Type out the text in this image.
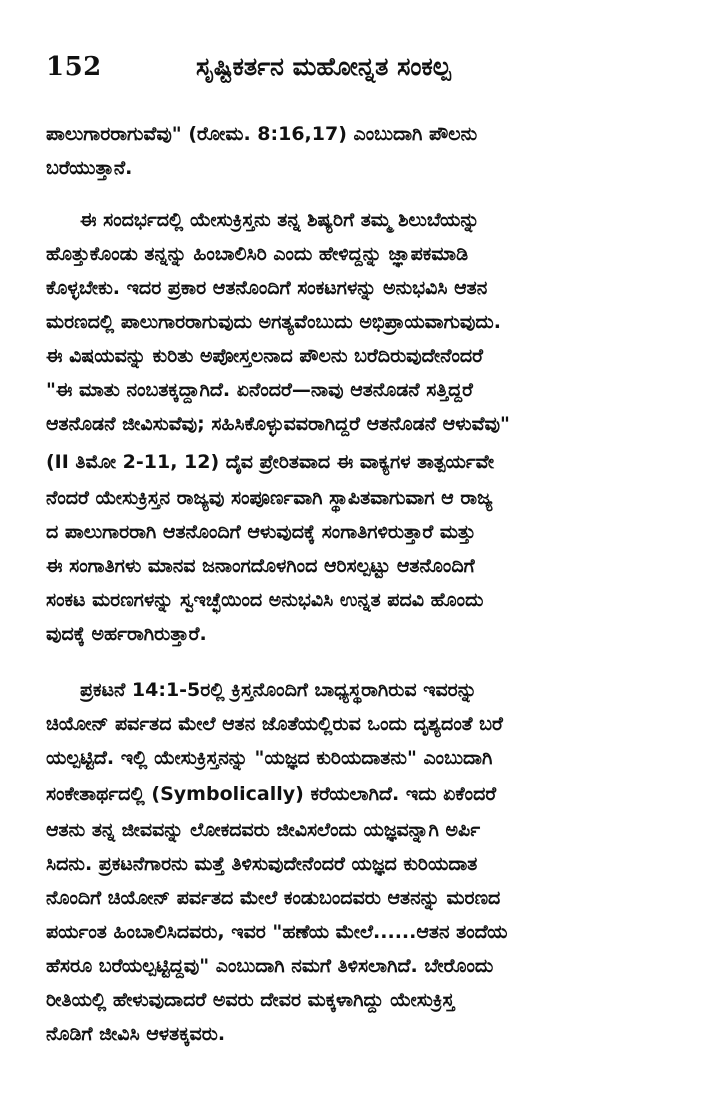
152	ಸೃಷ್ಟಿಕರ್ತನ ಮಹೋನ್ನತ ಸಂಕಲ್ಪ
ಪಾಲುಗಾರರಾಗುವೆವು" (ರೋಮ. 8:16,17) ಎಂಬುದಾಗಿ ಪೌಲನು
ಬರೆಯುತ್ತಾನೆ.
ಈ ಸಂದರ್ಭದಲ್ಲಿ ಯೇಸುಕ್ರಿಸ್ತನು ತನ್ನ ಶಿಷ್ಯರಿಗೆ ತಮ್ಮ ಶಿಲುಬೆಯನ್ನು
ಹೊತ್ತುಕೊಂಡು ತನ್ನನ್ನು ಹಿಂಬಾಲಿಸಿರಿ ಎಂದು ಹೇಳಿದ್ದನ್ನು ಜ್ಞಾಪಕಮಾಡಿ
ಕೊಳ್ಳಬೇಕು. ಇದರ ಪ್ರಕಾರ ಆತನೊಂದಿಗೆ ಸಂಕಟಗಳನ್ನು ಅನುಭವಿಸಿ ಆತನ
ಮರಣದಲ್ಲಿ ಪಾಲುಗಾರರಾಗುವುದು ಅಗತ್ಯವೆಂಬುದು ಅಭಿಪ್ರಾಯವಾಗುವುದು.
ಈ ವಿಷಯವನ್ನು ಕುರಿತು ಅಪೋಸ್ತಲನಾದ ಪೌಲನು ಬರೆದಿರುವುದೇನೆಂದರೆ
"ಈ ಮಾತು ನಂಬತಕ್ಕದ್ದಾಗಿದೆ. ಏನೆಂದರೆ—ನಾವು ಆತನೊಡನೆ ಸತ್ತಿದ್ದರೆ
ಆತನೊಡನೆ ಜೀವಿಸುವೆವು; ಸಹಿಸಿಕೊಳ್ಳುವವರಾಗಿದ್ದರೆ ಆತನೊಡನೆ ಆಳುವೆವು"
(II ತಿಮೋ 2-11, 12) ದೈವ ಪ್ರೇರಿತವಾದ ಈ ವಾಕ್ಯಗಳ ತಾತ್ಪರ್ಯವೇ
ನೆಂದರೆ ಯೇಸುಕ್ರಿಸ್ತನ ರಾಜ್ಯವು ಸಂಪೂರ್ಣವಾಗಿ ಸ್ಥಾಪಿತವಾಗುವಾಗ ಆ ರಾಜ್ಯ
ದ ಪಾಲುಗಾರರಾಗಿ ಆತನೊಂದಿಗೆ ಆಳುವುದಕ್ಕೆ ಸಂಗಾತಿಗಳಿರುತ್ತಾರೆ ಮತ್ತು
ಈ ಸಂಗಾತಿಗಳು ಮಾನವ ಜನಾಂಗದೊಳಗಿಂದ ಆರಿಸಲ್ಪಟ್ಟು ಆತನೊಂದಿಗೆ
ಸಂಕಟ ಮರಣಗಳನ್ನು ಸ್ವಇಚ್ಛೆಯಿಂದ ಅನುಭವಿಸಿ ಉನ್ನತ ಪದವಿ ಹೊಂದು
ವುದಕ್ಕೆ ಅರ್ಹರಾಗಿರುತ್ತಾರೆ.
ಪ್ರಕಟನೆ 14:1-5ರಲ್ಲಿ ಕ್ರಿಸ್ತನೊಂದಿಗೆ ಬಾಧ್ಯಸ್ಥರಾಗಿರುವ ಇವರನ್ನು
ಚಿಯೋನ್ ಪರ್ವತದ ಮೇಲೆ ಆತನ ಜೊತೆಯಲ್ಲಿರುವ ಒಂದು ದೃಶ್ಯದಂತೆ ಬರೆ
ಯಲ್ಪಟ್ಟಿದೆ. ಇಲ್ಲಿ ಯೇಸುಕ್ರಿಸ್ತನನ್ನು "ಯಜ್ಞದ ಕುರಿಯದಾತನು" ಎಂಬುದಾಗಿ
ಸಂಕೇತಾರ್ಥದಲ್ಲಿ (Symbolically) ಕರೆಯಲಾಗಿದೆ. ಇದು ಏಕೆಂದರೆ
ಆತನು ತನ್ನ ಜೀವವನ್ನು ಲೋಕದವರು ಜೀವಿಸಲೆಂದು ಯಜ್ಞವನ್ನಾಗಿ ಅರ್ಪಿ
ಸಿದನು. ಪ್ರಕಟನೆಗಾರನು ಮತ್ತೆ ತಿಳಿಸುವುದೇನೆಂದರೆ ಯಜ್ಞದ ಕುರಿಯದಾತ
ನೊಂದಿಗೆ ಚಿಯೋನ್ ಪರ್ವತದ ಮೇಲೆ ಕಂಡುಬಂದವರು ಆತನನ್ನು ಮರಣದ
ಪರ್ಯಂತ ಹಿಂಬಾಲಿಸಿದವರು, ಇವರ "ಹಣೆಯ ಮೇಲೆ......ಆತನ ತಂದೆಯ
ಹೆಸರೂ ಬರೆಯಲ್ಪಟ್ಟಿದ್ದವು" ಎಂಬುದಾಗಿ ನಮಗೆ ತಿಳಿಸಲಾಗಿದೆ. ಬೇರೊಂದು
ರೀತಿಯಲ್ಲಿ ಹೇಳುವುದಾದರೆ ಅವರು ದೇವರ ಮಕ್ಕಳಾಗಿದ್ದು ಯೇಸುಕ್ರಿಸ್ತ
ನೊಡಿಗೆ ಜೀವಿಸಿ ಆಳತಕ್ಕವರು.
